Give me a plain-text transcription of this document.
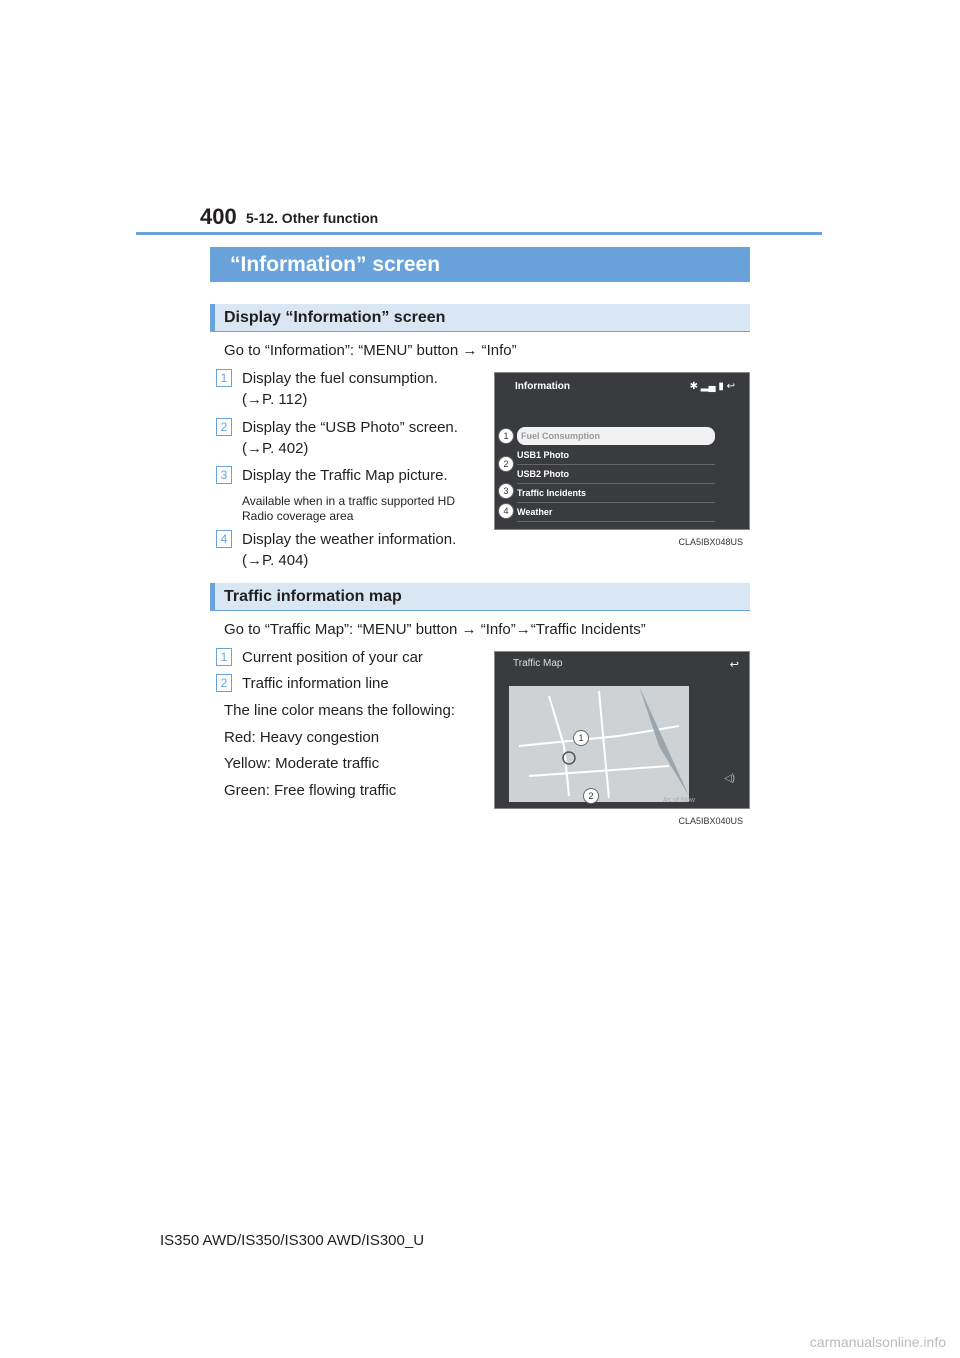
400 5-12. Other function
“Information” screen
Display “Information” screen
Go to “Information”: “MENU” button → “Info”
1 Display the fuel consumption.
(→P. 112)
2 Display the “USB Photo” screen.
(→P. 402)
3 Display the Traffic Map picture.
Available when in a traffic supported HD Radio coverage area
4 Display the weather information.
(→P. 404)
Information	✱ ▂▄ ▮ ↩
Fuel Consumption
USB1 Photo
USB2 Photo
Traffic Incidents
Weather
1
2
3
4
CLA5IBX048US
Traffic information map
Go to “Traffic Map”: “MENU” button → “Info”→“Traffic Incidents”
1 Current position of your car
2 Traffic information line
The line color means the following:
Red: Heavy congestion
Yellow: Moderate traffic
Green: Free flowing traffic
Traffic Map	↩
As of Now
◁)
1
2
CLA5IBX040US
IS350 AWD/IS350/IS300 AWD/IS300_U
carmanualsonline.info
